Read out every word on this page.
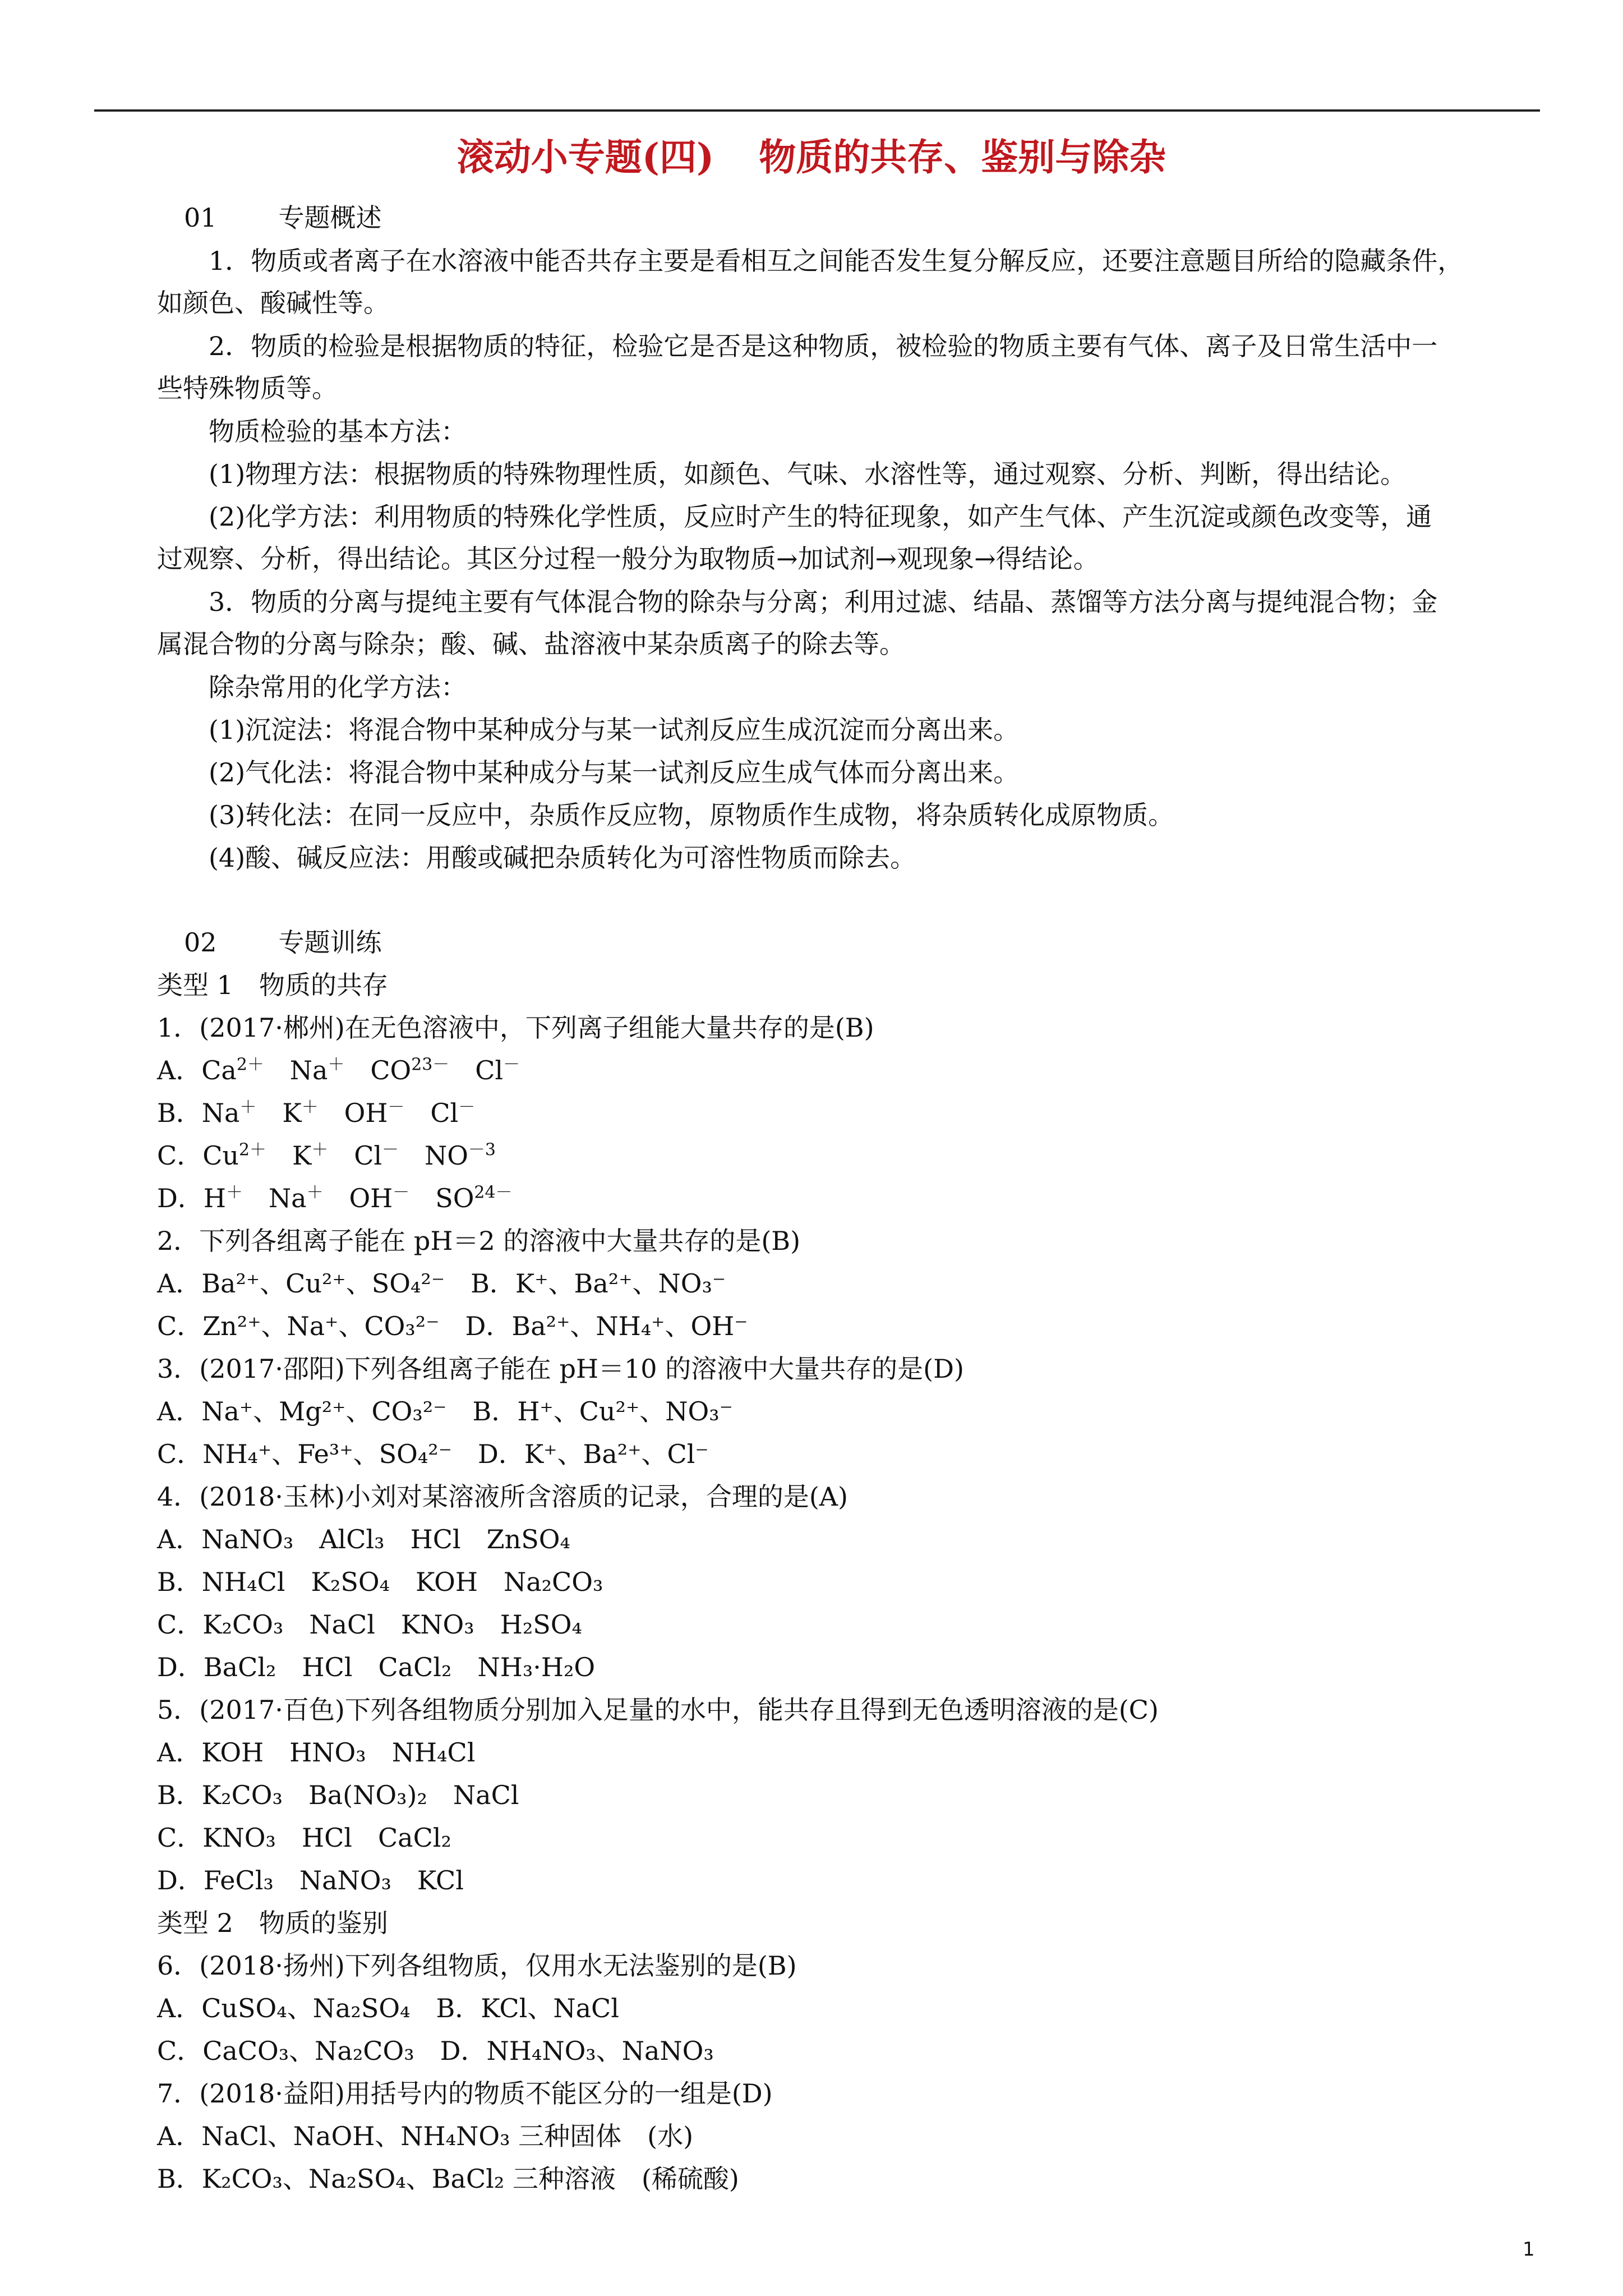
滚动小专题(四) 物质的共存、鉴别与除杂
01 专题概述
1．物质或者离子在水溶液中能否共存主要是看相互之间能否发生复分解反应，还要注意题目所给的隐藏条件，
如颜色、酸碱性等。
2．物质的检验是根据物质的特征，检验它是否是这种物质，被检验的物质主要有气体、离子及日常生活中一
些特殊物质等。
物质检验的基本方法：
(1)物理方法：根据物质的特殊物理性质，如颜色、气味、水溶性等，通过观察、分析、判断，得出结论。
(2)化学方法：利用物质的特殊化学性质，反应时产生的特征现象，如产生气体、产生沉淀或颜色改变等，通
过观察、分析，得出结论。其区分过程一般分为取物质→加试剂→观现象→得结论。
3．物质的分离与提纯主要有气体混合物的除杂与分离；利用过滤、结晶、蒸馏等方法分离与提纯混合物；金
属混合物的分离与除杂；酸、碱、盐溶液中某杂质离子的除去等。
除杂常用的化学方法：
(1)沉淀法：将混合物中某种成分与某一试剂反应生成沉淀而分离出来。
(2)气化法：将混合物中某种成分与某一试剂反应生成气体而分离出来。
(3)转化法：在同一反应中，杂质作反应物，原物质作生成物，将杂质转化成原物质。
(4)酸、碱反应法：用酸或碱把杂质转化为可溶性物质而除去。
02 专题训练
类型 1　物质的共存
1．(2017·郴州)在无色溶液中，下列离子组能大量共存的是(B)
A．$Ca^{2+}$　 Na＋　 $CO^{23-}$　 Cl－
B．Na＋　 K＋　 OH－　 Cl－
C．$Cu^{2+}$　 K＋　 Cl－　 $NO^{-3}$
D．H＋　 Na＋　 OH－　 $SO^{24-}$
2．下列各组离子能在 pH＝2 的溶液中大量共存的是(B)
A．Ba²⁺、Cu²⁺、SO₄²⁻　B．K⁺、Ba²⁺、NO₃⁻
C．Zn²⁺、Na⁺、CO₃²⁻　D．Ba²⁺、NH₄⁺、OH⁻
3．(2017·邵阳)下列各组离子能在 pH＝10 的溶液中大量共存的是(D)
A．Na⁺、Mg²⁺、CO₃²⁻　B．H⁺、Cu²⁺、NO₃⁻
C．NH₄⁺、Fe³⁺、SO₄²⁻　D．K⁺、Ba²⁺、Cl⁻
4．(2018·玉林)小刘对某溶液所含溶质的记录，合理的是(A)
A．NaNO₃　AlCl₃　HCl　ZnSO₄
B．NH₄Cl　K₂SO₄　KOH　Na₂CO₃
C．K₂CO₃　NaCl　KNO₃　H₂SO₄
D．BaCl₂　HCl　CaCl₂　NH₃·H₂O
5．(2017·百色)下列各组物质分别加入足量的水中，能共存且得到无色透明溶液的是(C)
A．KOH　HNO₃　NH₄Cl
B．K₂CO₃　Ba(NO₃)₂　NaCl
C．KNO₃　HCl　CaCl₂
D．FeCl₃　NaNO₃　KCl
类型 2　物质的鉴别
6．(2018·扬州)下列各组物质，仅用水无法鉴别的是(B)
A．CuSO₄、Na₂SO₄　B．KCl、NaCl
C．CaCO₃、Na₂CO₃　D．NH₄NO₃、NaNO₃
7．(2018·益阳)用括号内的物质不能区分的一组是(D)
A．NaCl、NaOH、NH₄NO₃ 三种固体　(水)
B．K₂CO₃、Na₂SO₄、BaCl₂ 三种溶液　(稀硫酸)
1
